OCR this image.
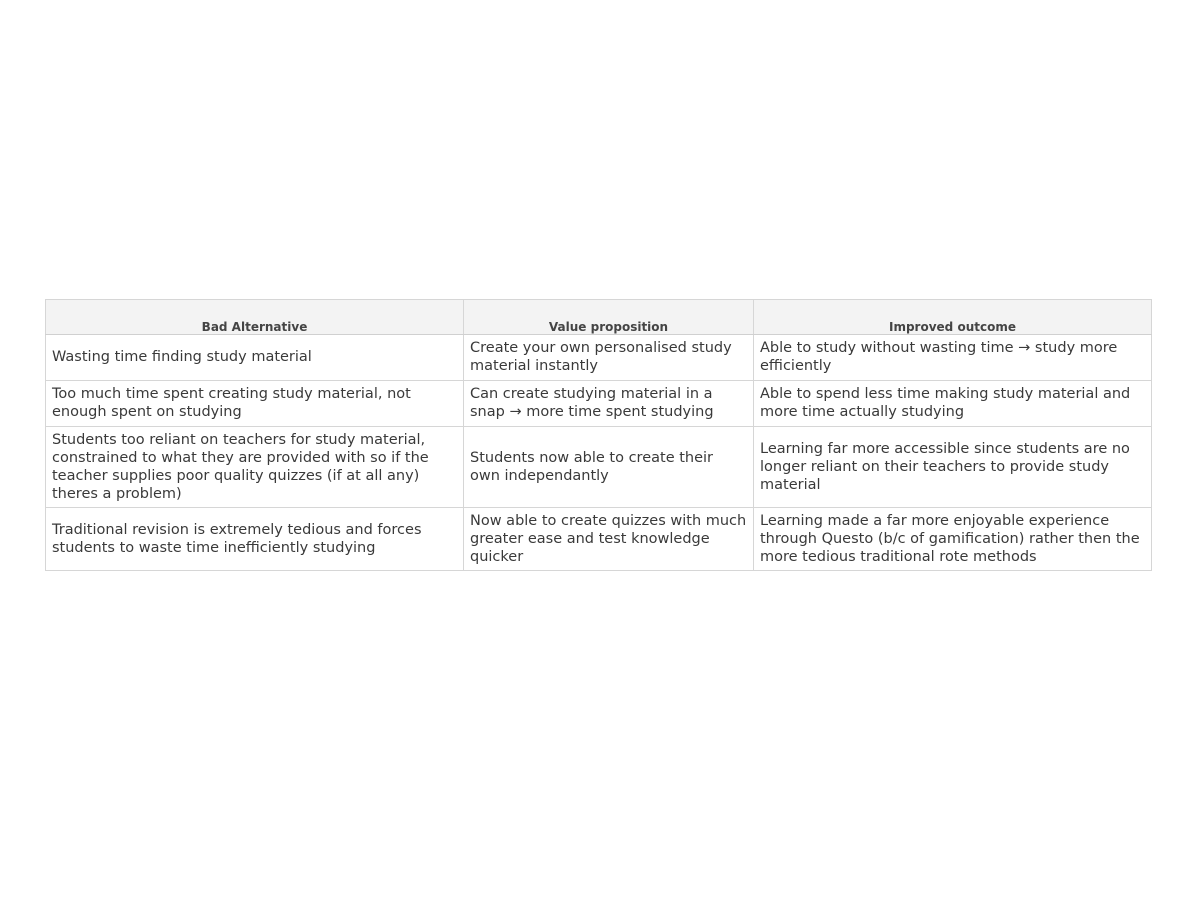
Bad Alternative	Value proposition	Improved outcome
Wasting time finding study material	Create your own personalised study material instantly	Able to study without wasting time → study more efficiently
Too much time spent creating study material, not enough spent on studying	Can create studying material in a snap → more time spent studying	Able to spend less time making study material and more time actually studying
Students too reliant on teachers for study material, constrained to what they are provided with so if the teacher supplies poor quality quizzes (if at all any) theres a problem)	Students now able to create their own independantly	Learning far more accessible since students are no longer reliant on their teachers to provide study material
Traditional revision is extremely tedious and forces students to waste time inefficiently studying	Now able to create quizzes with much greater ease and test knowledge quicker	Learning made a far more enjoyable experience through Questo (b/c of gamification) rather then the more tedious traditional rote methods
